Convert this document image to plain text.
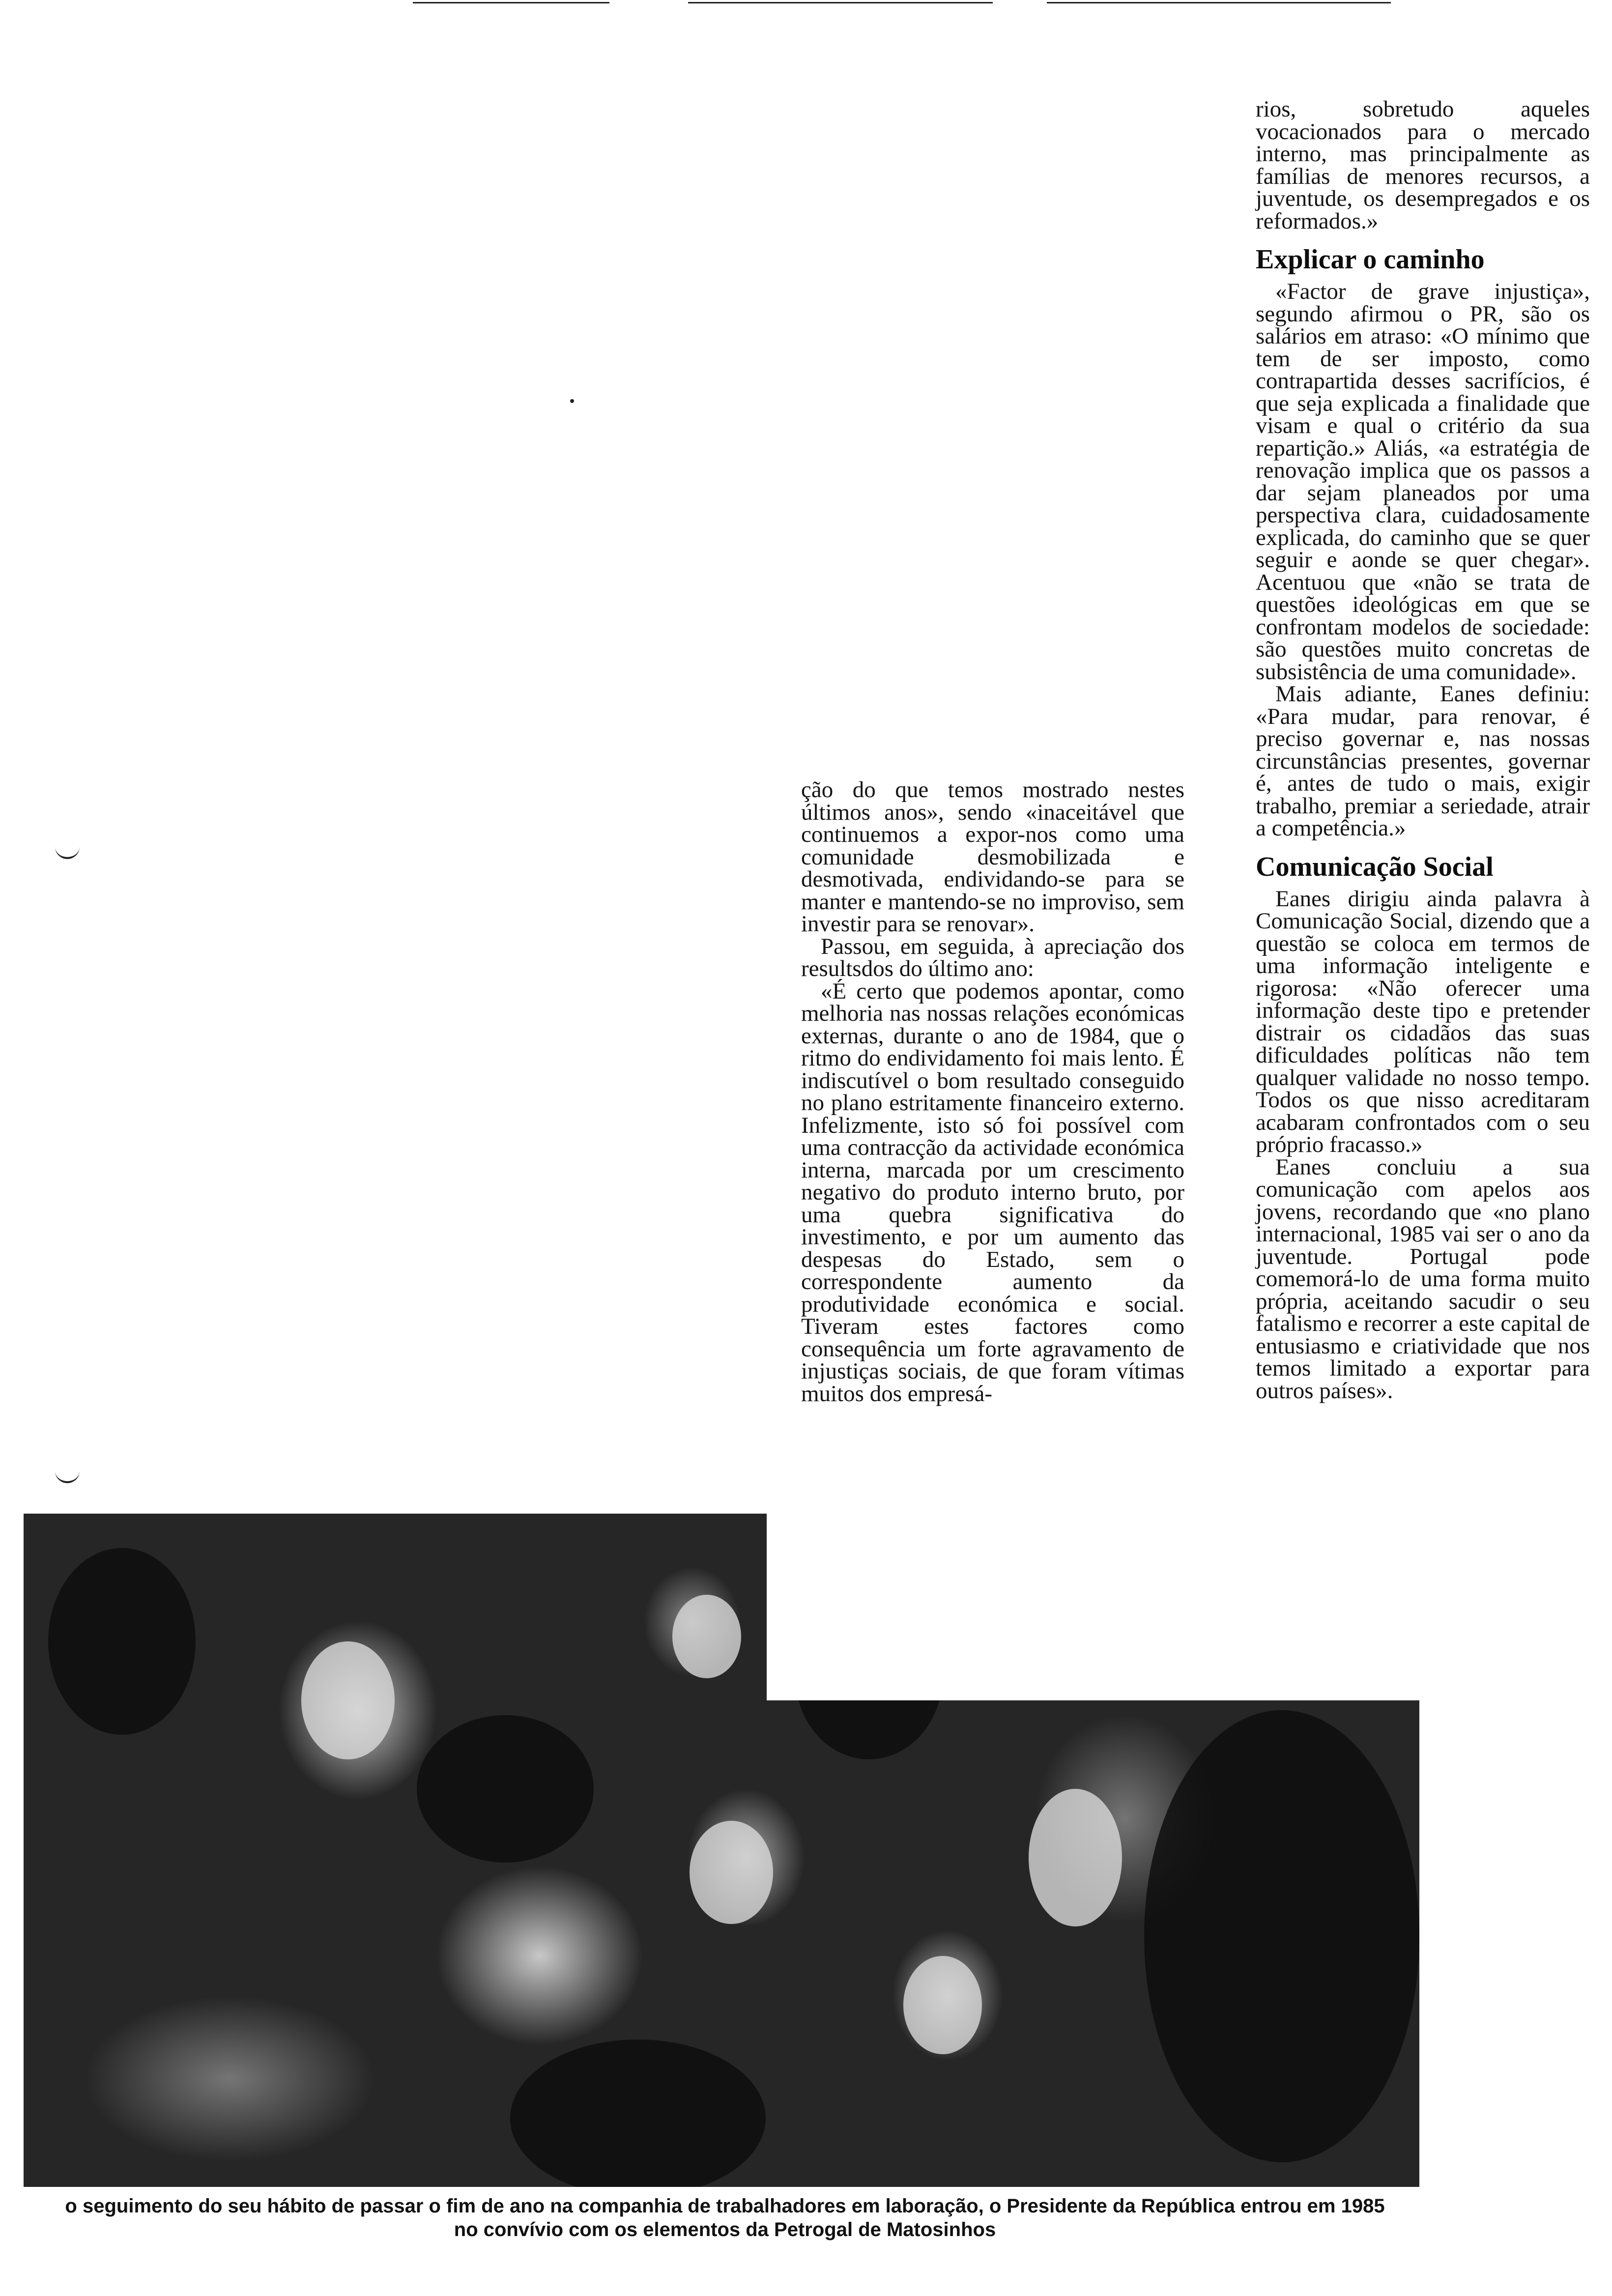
rios, sobretudo aqueles vocacionados para o mercado interno, mas principalmente as famílias de menores recursos, a juventude, os desempregados e os reformados.»

Explicar o caminho

«Factor de grave injustiça», segundo afirmou o PR, são os salários em atraso: «O mínimo que tem de ser imposto, como contrapartida desses sacrifícios, é que seja explicada a finalidade que visam e qual o critério da sua repartição.» Aliás, «a estratégia de renovação implica que os passos a dar sejam planeados por uma perspectiva clara, cuidadosamente explicada, do caminho que se quer seguir e aonde se quer chegar». Acentuou que «não se trata de questões ideológicas em que se confrontam modelos de sociedade: são questões muito concretas de subsistência de uma comunidade».

Mais adiante, Eanes definiu: «Para mudar, para renovar, é preciso governar e, nas nossas circunstâncias presentes, governar é, antes de tudo o mais, exigir trabalho, premiar a seriedade, atrair a competência.»

Comunicação Social

Eanes dirigiu ainda palavra à Comunicação Social, dizendo que a questão se coloca em termos de uma informação inteligente e rigorosa: «Não oferecer uma informação deste tipo e pretender distrair os cidadãos das suas dificuldades políticas não tem qualquer validade no nosso tempo. Todos os que nisso acreditaram acabaram confrontados com o seu próprio fracasso.»

Eanes concluiu a sua comunicação com apelos aos jovens, recordando que «no plano internacional, 1985 vai ser o ano da juventude. Portugal pode comemorá-lo de uma forma muito própria, aceitando sacudir o seu fatalismo e recorrer a este capital de entusiasmo e criatividade que nos temos limitado a exportar para outros países».

ção do que temos mostrado nestes últimos anos», sendo «inaceitável que continuemos a expor-nos como uma comunidade desmobilizada e desmotivada, endividando-se para se manter e mantendo-se no improviso, sem investir para se renovar».

Passou, em seguida, à apreciação dos resultsdos do último ano:

«É certo que podemos apontar, como melhoria nas nossas relações económicas externas, durante o ano de 1984, que o ritmo do endividamento foi mais lento. É indiscutível o bom resultado conseguido no plano estritamente financeiro externo. Infelizmente, isto só foi possível com uma contracção da actividade económica interna, marcada por um crescimento negativo do produto interno bruto, por uma quebra significativa do investimento, e por um aumento das despesas do Estado, sem o correspondente aumento da produtividade económica e social. Tiveram estes factores como consequência um forte agravamento de injustiças sociais, de que foram vítimas muitos dos empresá-

o seguimento do seu hábito de passar o fim de ano na companhia de trabalhadores em laboração, o Presidente da República entrou em 1985
no convívio com os elementos da Petrogal de Matosinhos
